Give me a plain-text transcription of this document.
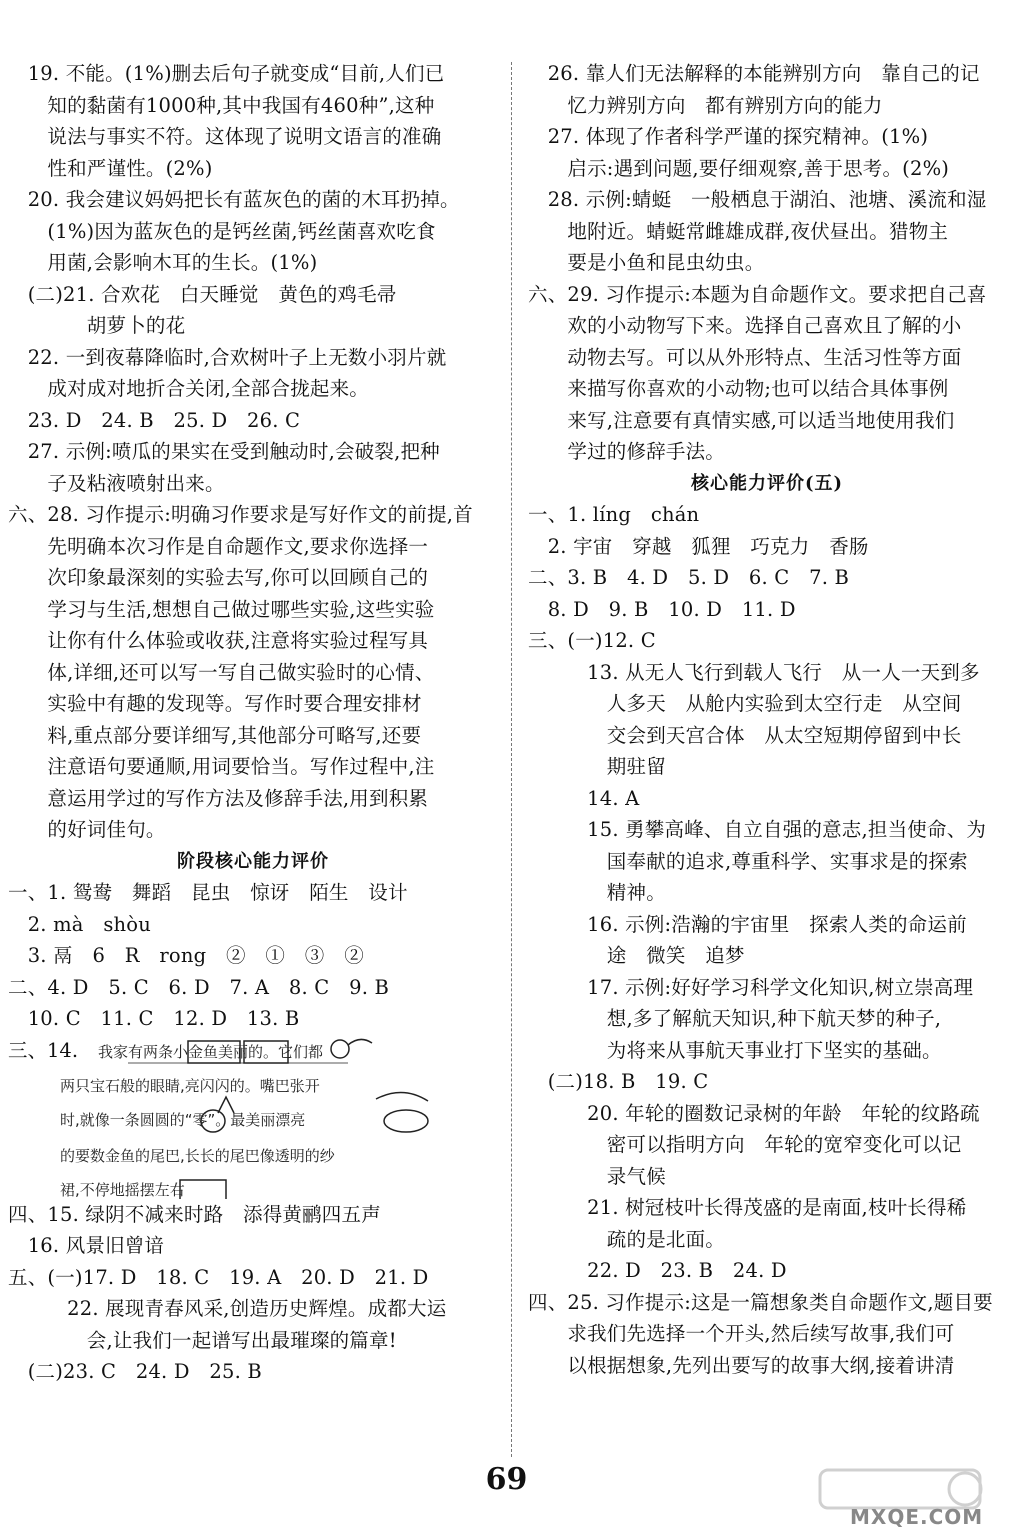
　19. 不能。(1%)删去后句子就变成“目前,人们已
　　知的黏菌有1000种,其中我国有460种”,这种
　　说法与事实不符。这体现了说明文语言的准确
　　性和严谨性。(2%)
　20. 我会建议妈妈把长有蓝灰色的菌的木耳扔掉。
　　(1%)因为蓝灰色的是钙丝菌,钙丝菌喜欢吃食
　　用菌,会影响木耳的生长。(1%)
　(二)21. 合欢花　白天睡觉　黄色的鸡毛帚
　　　　胡萝卜的花
　22. 一到夜幕降临时,合欢树叶子上无数小羽片就
　　成对成对地折合关闭,全部合拢起来。
　23. D　24. B　25. D　26. C
　27. 示例:喷瓜的果实在受到触动时,会破裂,把种
　　子及粘液喷射出来。
六、28. 习作提示:明确习作要求是写好作文的前提,首
　　先明确本次习作是自命题作文,要求你选择一
　　次印象最深刻的实验去写,你可以回顾自己的
　　学习与生活,想想自己做过哪些实验,这些实验
　　让你有什么体验或收获,注意将实验过程写具
　　体,详细,还可以写一写自己做实验时的心情、
　　实验中有趣的发现等。写作时要合理安排材
　　料,重点部分要详细写,其他部分可略写,还要
　　注意语句要通顺,用词要恰当。写作过程中,注
　　意运用学过的写作方法及修辞手法,用到积累
　　的好词佳句。
阶段核心能力评价
一、1. 鸳鸯　舞蹈　昆虫　惊讶　陌生　设计
　2. mà　shòu
　3. 鬲　6　R　rong　②　①　③　②
二、4. D　5. C　6. D　7. A　8. C　9. B
　10. C　11. C　12. D　13. B
三、14. 我家有两条小金鱼美丽的。它们都
两只宝石般的眼睛,亮闪闪的。嘴巴张开
时,就像一条圆圆的“零”。最美丽漂亮
的要数金鱼的尾巴,长长的尾巴像透明的纱
裙,不停地摇摆左右
四、15. 绿阴不减来时路　添得黄鹂四五声
　16. 风景旧曾谙
五、(一)17. D　18. C　19. A　20. D　21. D
　　　22. 展现青春风采,创造历史辉煌。成都大运
　　　　会,让我们一起谱写出最璀璨的篇章!
　(二)23. C　24. D　25. B
　26. 靠人们无法解释的本能辨别方向　靠自己的记
　　忆力辨别方向　都有辨别方向的能力
　27. 体现了作者科学严谨的探究精神。(1%)
　　启示:遇到问题,要仔细观察,善于思考。(2%)
　28. 示例:蜻蜓　一般栖息于湖泊、池塘、溪流和湿
　　地附近。蜻蜓常雌雄成群,夜伏昼出。猎物主
　　要是小鱼和昆虫幼虫。
六、29. 习作提示:本题为自命题作文。要求把自己喜
　　欢的小动物写下来。选择自己喜欢且了解的小
　　动物去写。可以从外形特点、生活习性等方面
　　来描写你喜欢的小动物;也可以结合具体事例
　　来写,注意要有真情实感,可以适当地使用我们
　　学过的修辞手法。
核心能力评价(五)
一、1. líng　chán
　2. 宇宙　穿越　狐狸　巧克力　香肠
二、3. B　4. D　5. D　6. C　7. B
　8. D　9. B　10. D　11. D
三、(一)12. C
　　　13. 从无人飞行到载人飞行　从一人一天到多
　　　　人多天　从舱内实验到太空行走　从空间
　　　　交会到天宫合体　从太空短期停留到中长
　　　　期驻留
　　　14. A
　　　15. 勇攀高峰、自立自强的意志,担当使命、为
　　　　国奉献的追求,尊重科学、实事求是的探索
　　　　精神。
　　　16. 示例:浩瀚的宇宙里　探索人类的命运前
　　　　途　微笑　追梦
　　　17. 示例:好好学习科学文化知识,树立崇高理
　　　　想,多了解航天知识,种下航天梦的种子,
　　　　为将来从事航天事业打下坚实的基础。
　(二)18. B　19. C
　　　20. 年轮的圈数记录树的年龄　年轮的纹路疏
　　　　密可以指明方向　年轮的宽窄变化可以记
　　　　录气候
　　　21. 树冠枝叶长得茂盛的是南面,枝叶长得稀
　　　　疏的是北面。
　　　22. D　23. B　24. D
四、25. 习作提示:这是一篇想象类自命题作文,题目要
　　求我们先选择一个开头,然后续写故事,我们可
　　以根据想象,先列出要写的故事大纲,接着讲清
69
MXQE.COM
